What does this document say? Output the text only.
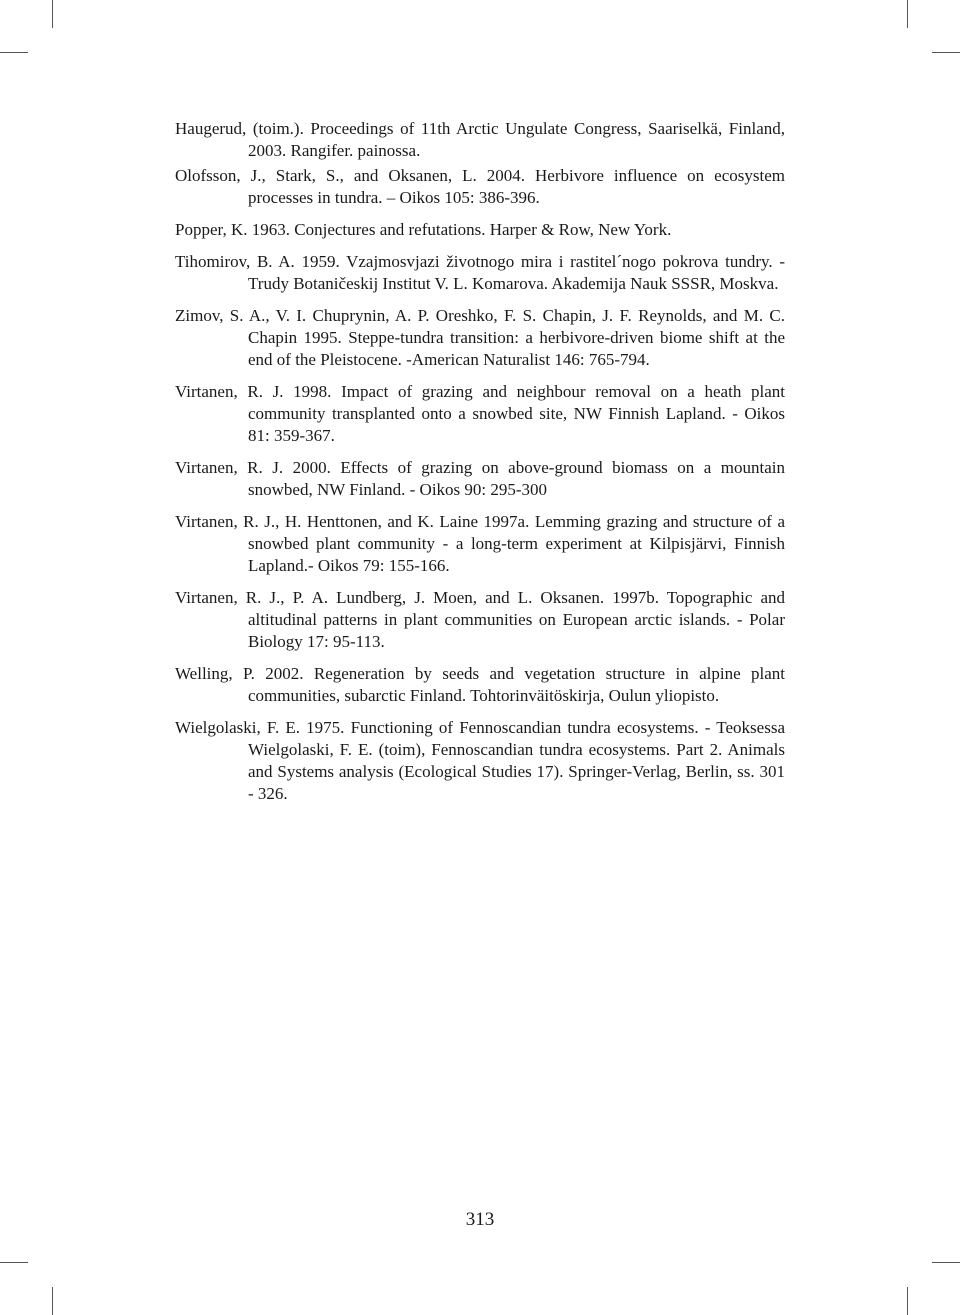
Haugerud, (toim.). Proceedings of 11th Arctic Ungulate Congress, Saariselkä, Finland, 2003. Rangifer. painossa.
Olofsson, J., Stark, S., and Oksanen, L. 2004. Herbivore influence on ecosystem processes in tundra. – Oikos 105: 386-396.
Popper, K. 1963. Conjectures and refutations. Harper & Row, New York.
Tihomirov, B. A. 1959. Vzajmosvjazi životnogo mira i rastitel´nogo pokrova tundry. - Trudy Botaničeskij Institut V. L. Komarova. Akademija Nauk SSSR, Moskva.
Zimov, S. A., V. I. Chuprynin, A. P. Oreshko, F. S. Chapin, J. F. Reynolds, and M. C. Chapin 1995. Steppe-tundra transition: a herbivore-driven biome shift at the end of the Pleistocene. -American Naturalist 146: 765-794.
Virtanen, R. J. 1998. Impact of grazing and neighbour removal on a heath plant community transplanted onto a snowbed site, NW Finnish Lapland. - Oikos 81: 359-367.
Virtanen, R. J. 2000. Effects of grazing on above-ground biomass on a mountain snowbed, NW Finland. - Oikos 90: 295-300
Virtanen, R. J., H. Henttonen, and K. Laine 1997a. Lemming grazing and structure of a snowbed plant community - a long-term experiment at Kilpisjärvi, Finnish Lapland.- Oikos 79: 155-166.
Virtanen, R. J., P. A. Lundberg, J. Moen, and L. Oksanen. 1997b. Topographic and altitudinal patterns in plant communities on European arctic islands. - Polar Biology 17: 95-113.
Welling, P. 2002. Regeneration by seeds and vegetation structure in alpine plant communities, subarctic Finland. Tohtorinväitöskirja, Oulun yliopisto.
Wielgolaski, F. E. 1975. Functioning of Fennoscandian tundra ecosystems. - Teoksessa Wielgolaski, F. E. (toim), Fennoscandian tundra ecosystems. Part 2. Animals and Systems analysis (Ecological Studies 17). Springer-Verlag, Berlin, ss. 301 - 326.
313
